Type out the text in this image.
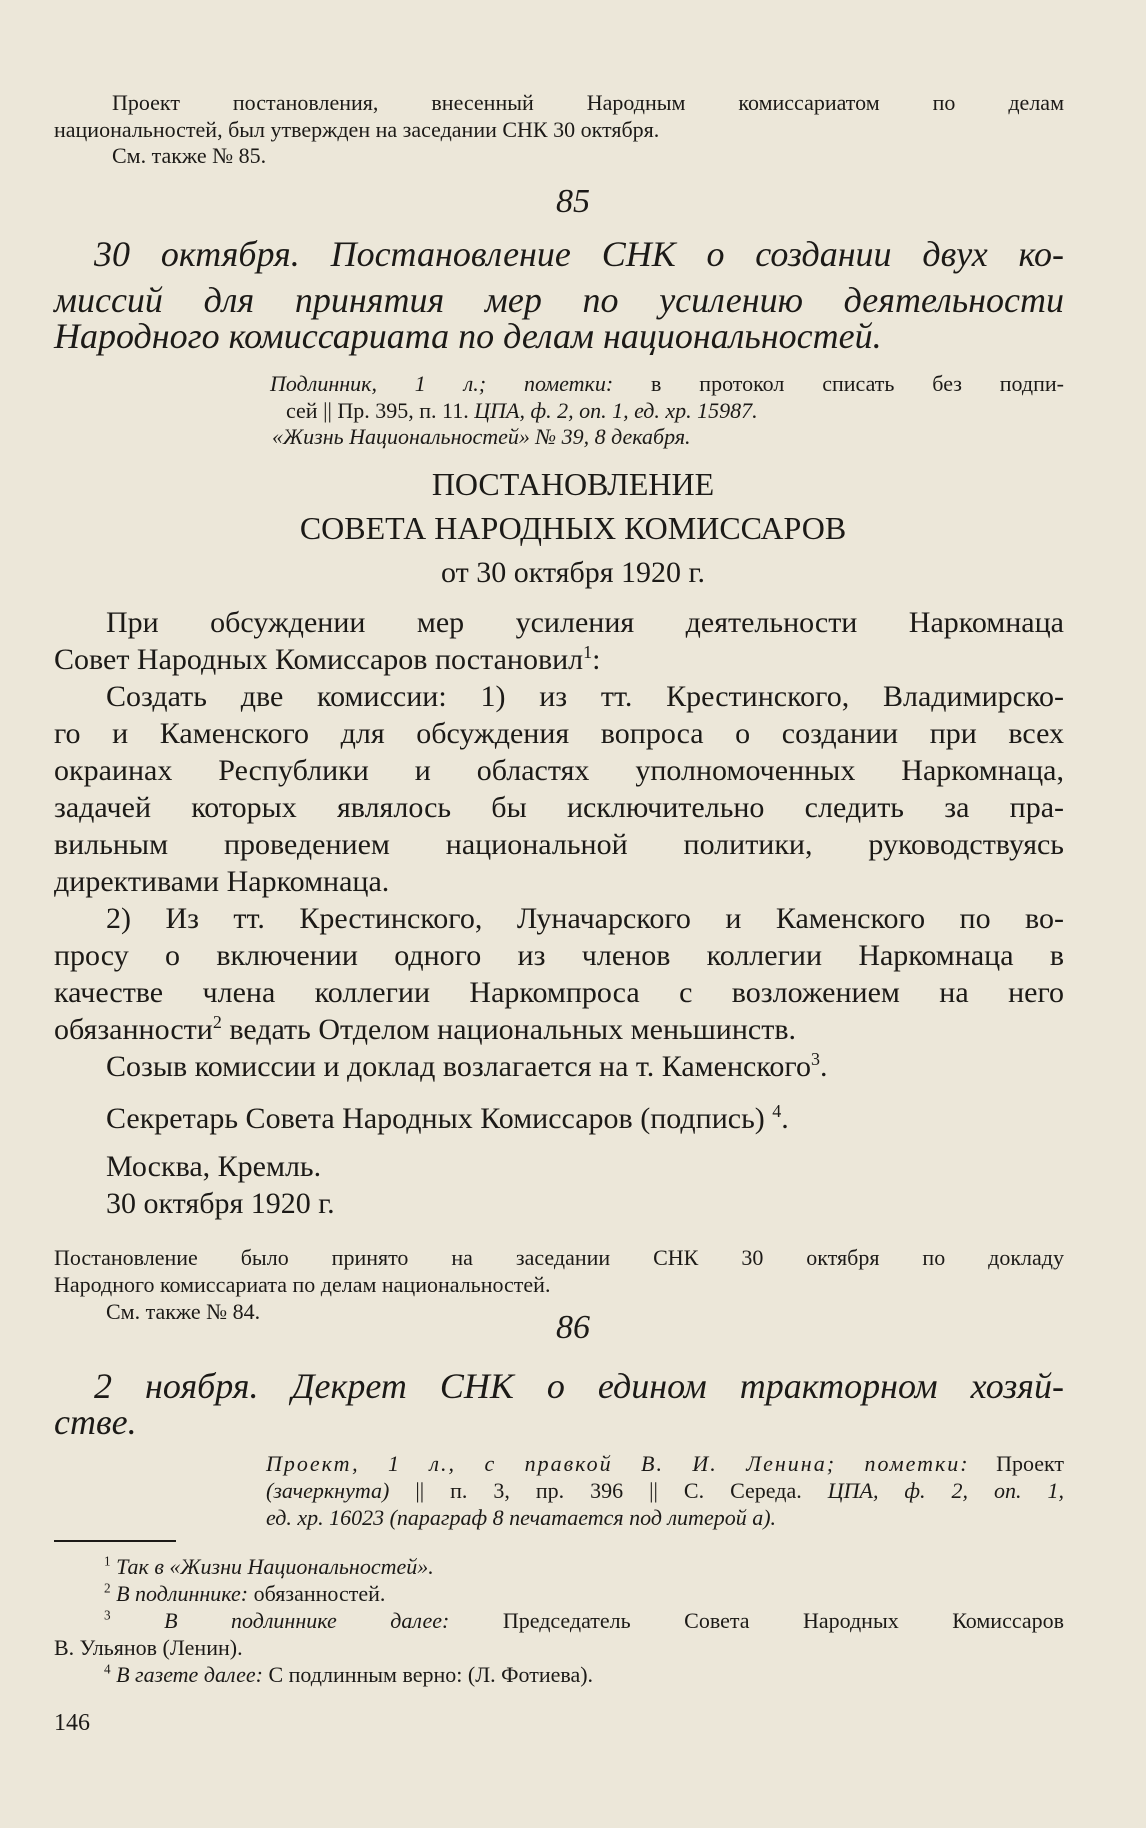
Проект постановления, внесенный Народным комиссариатом по делам
национальностей, был утвержден на заседании СНК 30 октября.
См. также № 85.
85
30 октября. Постановление СНК о создании двух ко-
миссий для принятия мер по усилению деятельности
Народного комиссариата по делам национальностей.
Подлинник, 1 л.; пометки: в протокол списать без подпи-
сей || Пр. 395, п. 11. ЦПА, ф. 2, оп. 1, ед. хр. 15987.
«Жизнь Национальностей» № 39, 8 декабря.
ПОСТАНОВЛЕНИЕ
СОВЕТА НАРОДНЫХ КОМИССАРОВ
от 30 октября 1920 г.
При обсуждении мер усиления деятельности Наркомнаца
Совет Народных Комиссаров постановил$^1$:
Создать две комиссии: 1) из тт. Крестинского, Владимирско-
го и Каменского для обсуждения вопроса о создании при всех
окраинах Республики и областях уполномоченных Наркомнаца,
задачей которых являлось бы исключительно следить за пра-
вильным проведением национальной политики, руководствуясь
директивами Наркомнаца.
2) Из тт. Крестинского, Луначарского и Каменского по во-
просу о включении одного из членов коллегии Наркомнаца в
качестве члена коллегии Наркомпроса с возложением на него
обязанности$^2$ ведать Отделом национальных меньшинств.
Созыв комиссии и доклад возлагается на т. Каменского$^3$.
Секретарь Совета Народных Комиссаров (подпись) $^4$.
Москва, Кремль.
30 октября 1920 г.
Постановление было принято на заседании СНК 30 октября по докладу
Народного комиссариата по делам национальностей.
См. также № 84.	86
2 ноября. Декрет СНК о едином тракторном хозяй-
стве.
Проект, 1 л., с правкой В. И. Ленина; пометки: Проект
(зачеркнута) || п. 3, пр. 396 || С. Середа. ЦПА, ф. 2, оп. 1,
ед. хр. 16023 (параграф 8 печатается под литерой а).
$^1$ Так в «Жизни Национальностей».
$^2$ В подлиннике: обязанностей.
$^3$ В подлиннике далее: Председатель Совета Народных Комиссаров
В. Ульянов (Ленин).
$^4$ В газете далее: С подлинным верно: (Л. Фотиева).
146
